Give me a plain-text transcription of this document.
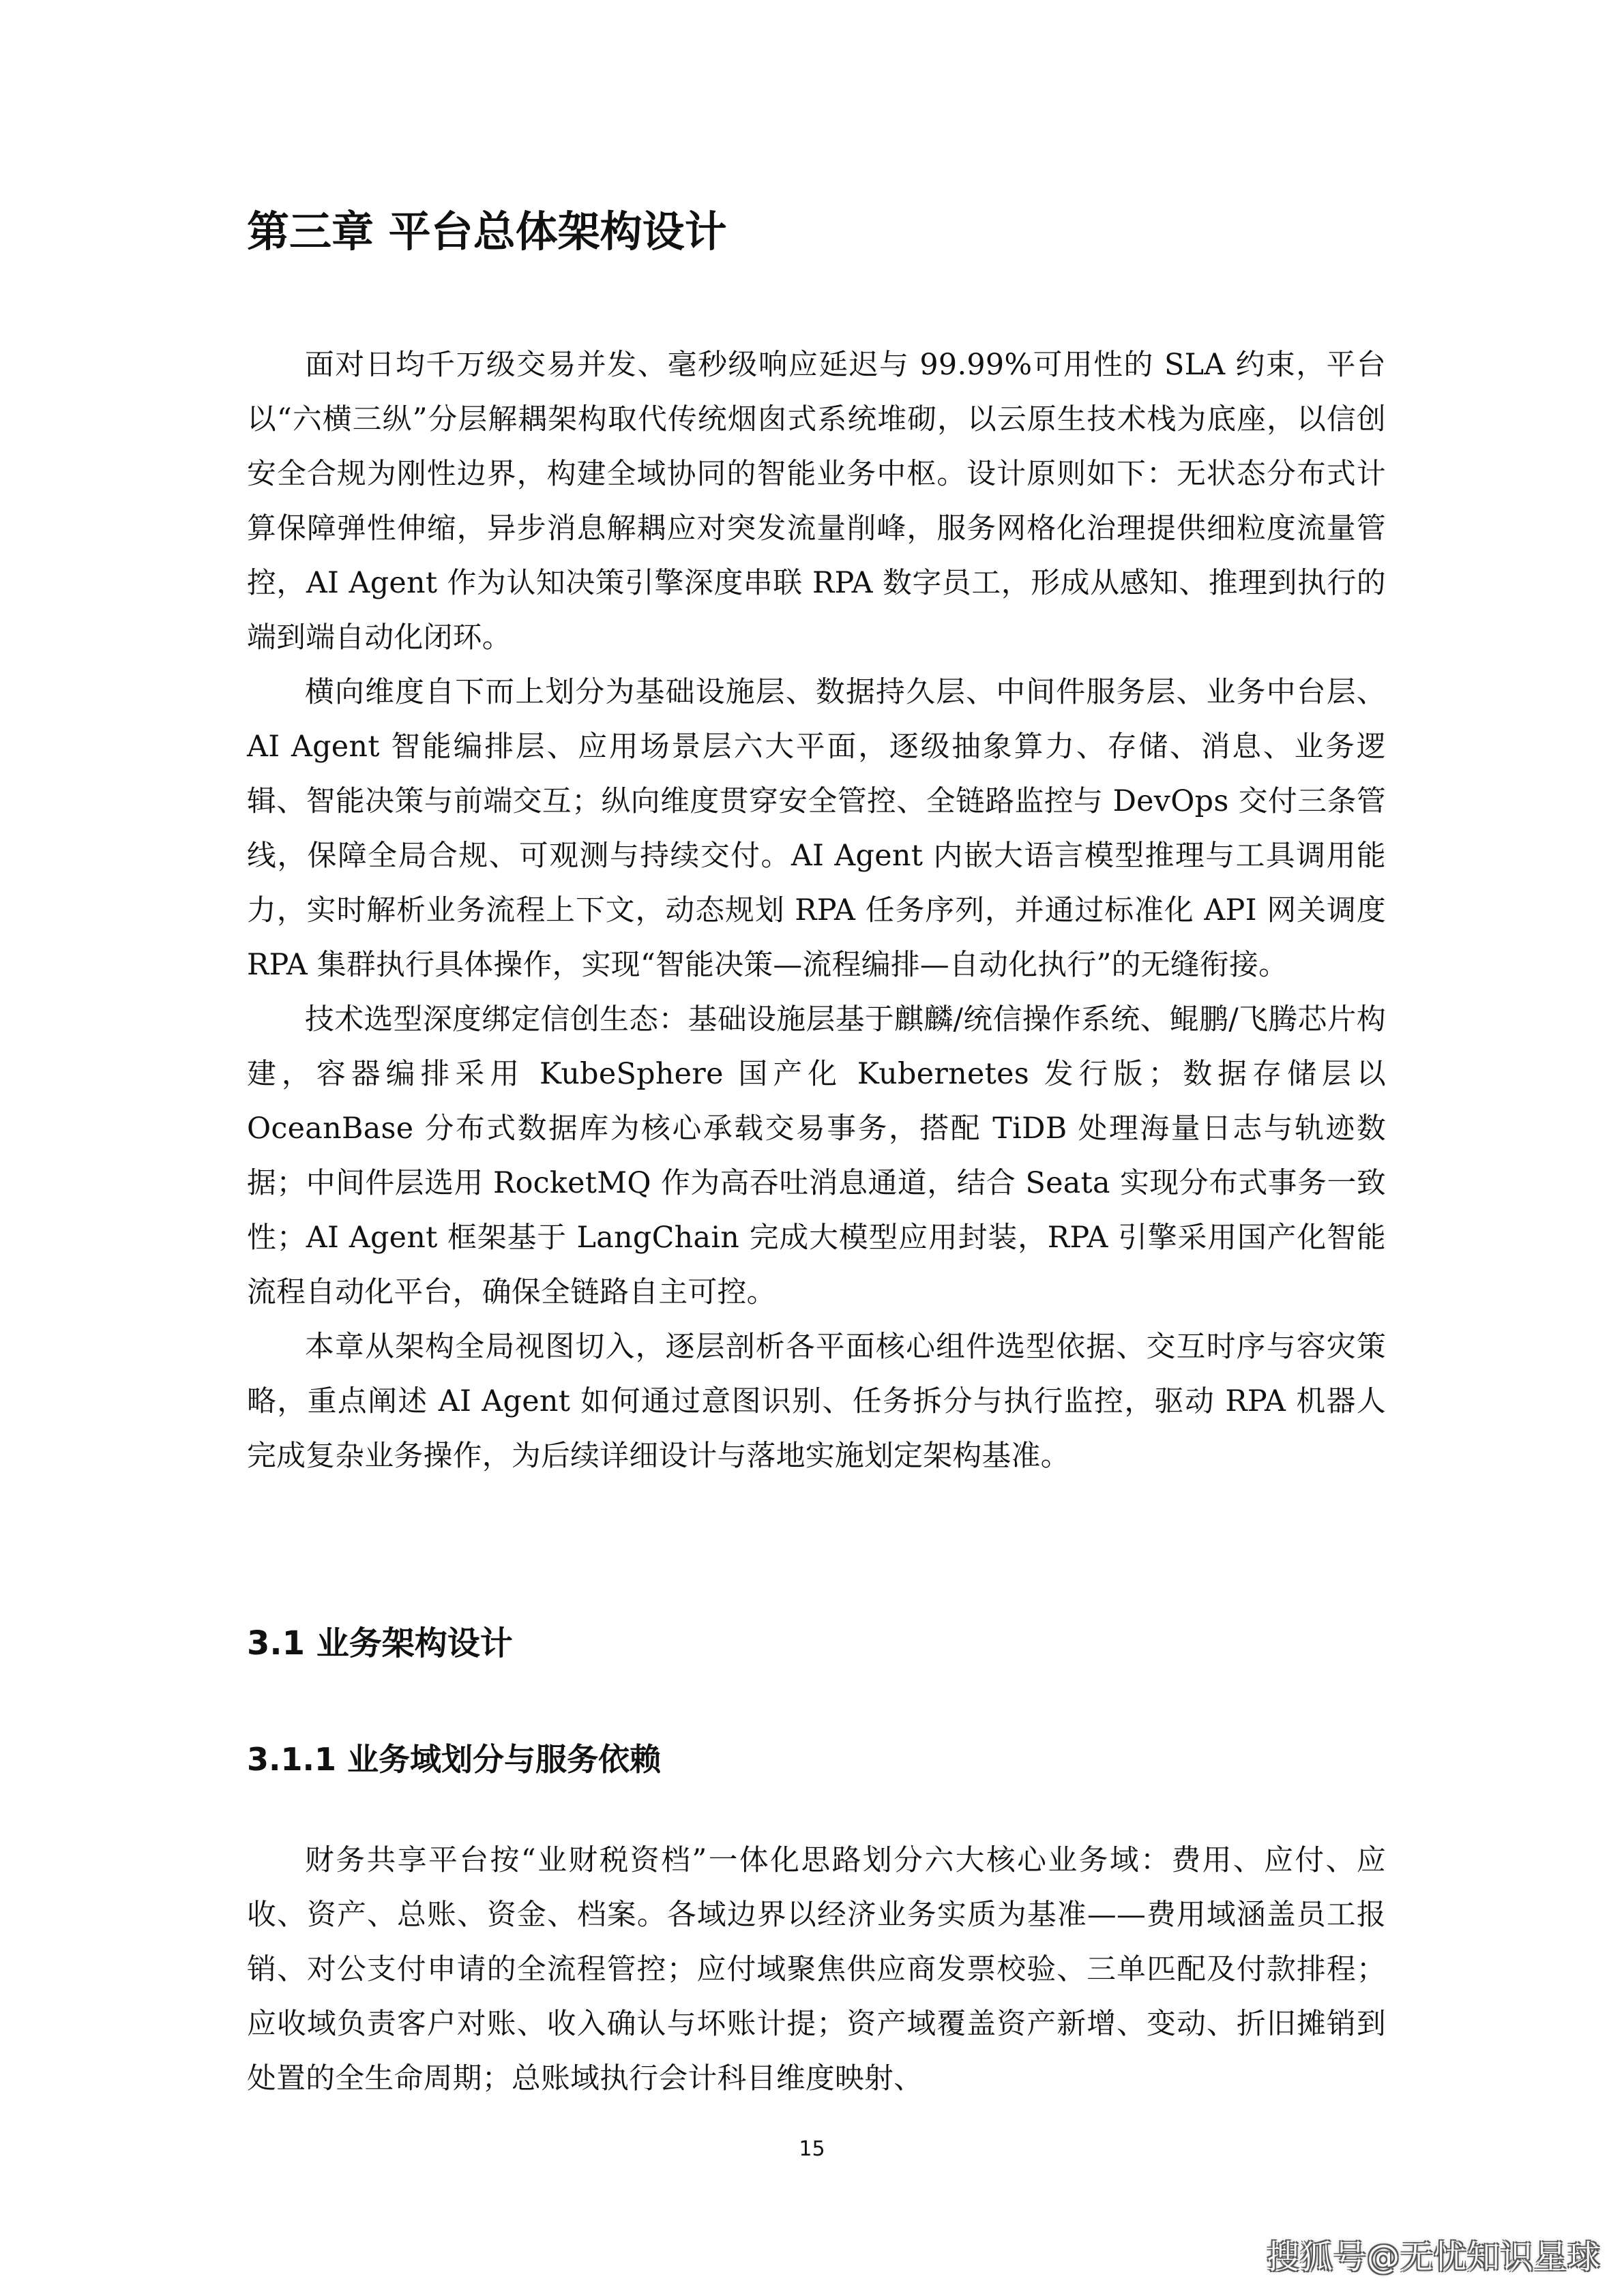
第三章 平台总体架构设计

面对日均千万级交易并发、毫秒级响应延迟与 99.99%可用性的 SLA 约束，平台以“六横三纵”分层解耦架构取代传统烟囱式系统堆砌，以云原生技术栈为底座，以信创安全合规为刚性边界，构建全域协同的智能业务中枢。设计原则如下：无状态分布式计算保障弹性伸缩，异步消息解耦应对突发流量削峰，服务网格化治理提供细粒度流量管控，AI Agent 作为认知决策引擎深度串联 RPA 数字员工，形成从感知、推理到执行的端到端自动化闭环。

横向维度自下而上划分为基础设施层、数据持久层、中间件服务层、业务中台层、AI Agent 智能编排层、应用场景层六大平面，逐级抽象算力、存储、消息、业务逻辑、智能决策与前端交互；纵向维度贯穿安全管控、全链路监控与 DevOps 交付三条管线，保障全局合规、可观测与持续交付。AI Agent 内嵌大语言模型推理与工具调用能力，实时解析业务流程上下文，动态规划 RPA 任务序列，并通过标准化 API 网关调度 RPA 集群执行具体操作，实现“智能决策—流程编排—自动化执行”的无缝衔接。

技术选型深度绑定信创生态：基础设施层基于麒麟/统信操作系统、鲲鹏/飞腾芯片构建，容器编排采用 KubeSphere 国产化 Kubernetes 发行版；数据存储层以 OceanBase 分布式数据库为核心承载交易事务，搭配 TiDB 处理海量日志与轨迹数据；中间件层选用 RocketMQ 作为高吞吐消息通道，结合 Seata 实现分布式事务一致性；AI Agent 框架基于 LangChain 完成大模型应用封装，RPA 引擎采用国产化智能流程自动化平台，确保全链路自主可控。

本章从架构全局视图切入，逐层剖析各平面核心组件选型依据、交互时序与容灾策略，重点阐述 AI Agent 如何通过意图识别、任务拆分与执行监控，驱动 RPA 机器人完成复杂业务操作，为后续详细设计与落地实施划定架构基准。

3.1 业务架构设计
3.1.1 业务域划分与服务依赖

财务共享平台按“业财税资档”一体化思路划分六大核心业务域：费用、应付、应收、资产、总账、资金、档案。各域边界以经济业务实质为基准——费用域涵盖员工报销、对公支付申请的全流程管控；应付域聚焦供应商发票校验、三单匹配及付款排程；应收域负责客户对账、收入确认与坏账计提；资产域覆盖资产新增、变动、折旧摊销到处置的全生命周期；总账域执行会计科目维度映射、

15
搜狐号@无忧知识星球
